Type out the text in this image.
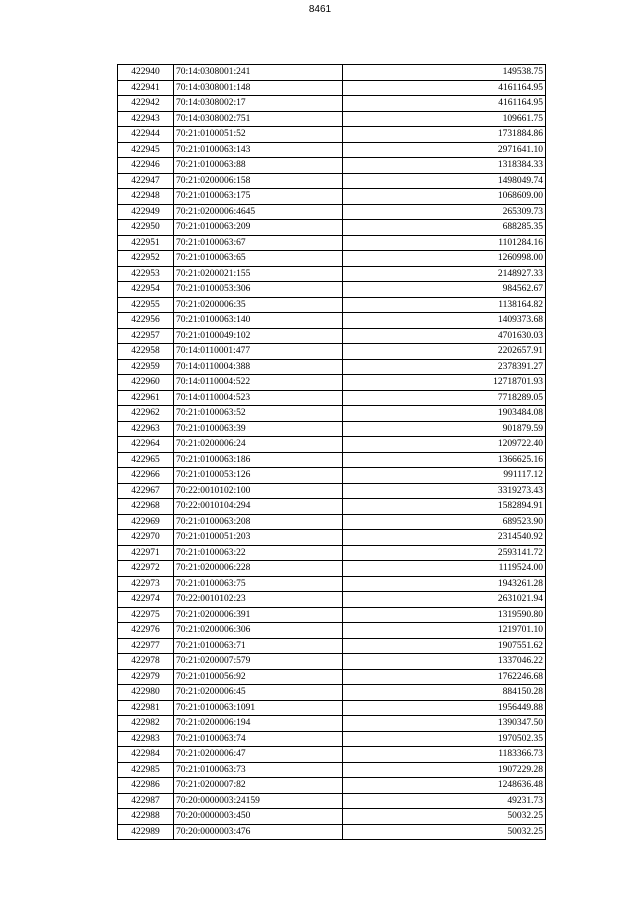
8461
422940	70:14:0308001:241	149538.75
422941	70:14:0308001:148	4161164.95
422942	70:14:0308002:17	4161164.95
422943	70:14:0308002:751	109661.75
422944	70:21:0100051:52	1731884.86
422945	70:21:0100063:143	2971641.10
422946	70:21:0100063:88	1318384.33
422947	70:21:0200006:158	1498049.74
422948	70:21:0100063:175	1068609.00
422949	70:21:0200006:4645	265309.73
422950	70:21:0100063:209	688285.35
422951	70:21:0100063:67	1101284.16
422952	70:21:0100063:65	1260998.00
422953	70:21:0200021:155	2148927.33
422954	70:21:0100053:306	984562.67
422955	70:21:0200006:35	1138164.82
422956	70:21:0100063:140	1409373.68
422957	70:21:0100049:102	4701630.03
422958	70:14:0110001:477	2202657.91
422959	70:14:0110004:388	2378391.27
422960	70:14:0110004:522	12718701.93
422961	70:14:0110004:523	7718289.05
422962	70:21:0100063:52	1903484.08
422963	70:21:0100063:39	901879.59
422964	70:21:0200006:24	1209722.40
422965	70:21:0100063:186	1366625.16
422966	70:21:0100053:126	991117.12
422967	70:22:0010102:100	3319273.43
422968	70:22:0010104:294	1582894.91
422969	70:21:0100063:208	689523.90
422970	70:21:0100051:203	2314540.92
422971	70:21:0100063:22	2593141.72
422972	70:21:0200006:228	1119524.00
422973	70:21:0100063:75	1943261.28
422974	70:22:0010102:23	2631021.94
422975	70:21:0200006:391	1319590.80
422976	70:21:0200006:306	1219701.10
422977	70:21:0100063:71	1907551.62
422978	70:21:0200007:579	1337046.22
422979	70:21:0100056:92	1762246.68
422980	70:21:0200006:45	884150.28
422981	70:21:0100063:1091	1956449.88
422982	70:21:0200006:194	1390347.50
422983	70:21:0100063:74	1970502.35
422984	70:21:0200006:47	1183366.73
422985	70:21:0100063:73	1907229.28
422986	70:21:0200007:82	1248636.48
422987	70:20:0000003:24159	49231.73
422988	70:20:0000003:450	50032.25
422989	70:20:0000003:476	50032.25
